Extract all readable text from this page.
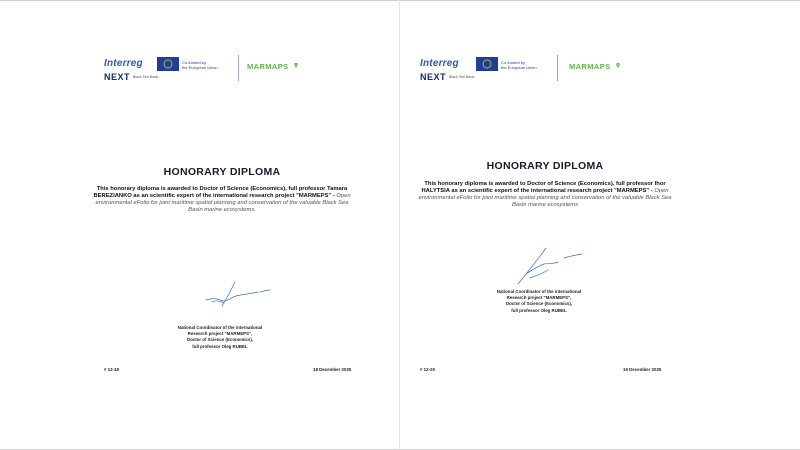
Interreg
NEXT Black Sea Basin
Co-funded by
the European Union	MARMAPS
HONORARY DIPLOMA
This honorary diploma is awarded to Doctor of Science (Economics), full professor Tamara BEREZIANKO as an scientific expert of the international research project "MARMEPS" - Open environmental eFolio for joint maritime spatial planning and conservation of the valuable Black Sea Basin marine ecosystems.
National Coordinator of the international
Research project "MARMEPS",
Doctor of Science (Economics),
full professor Oleg RUBEL
# 12-18	18 December 2025
Interreg
NEXT Black Sea Basin
Co-funded by
the European Union	MARMAPS
HONORARY DIPLOMA
This honorary diploma is awarded to Doctor of Science (Economics), full professor Ihor HALYTSIA as an scientific expert of the international research project "MARMEPS" - Open environmental eFolio for joint maritime spatial planning and conservation of the valuable Black Sea Basin marine ecosystems
National Coordinator of the international
Research project "MARMEPS",
Doctor of Science (Economics),
full professor Oleg RUBEL
# 12-20	19 December 2025
